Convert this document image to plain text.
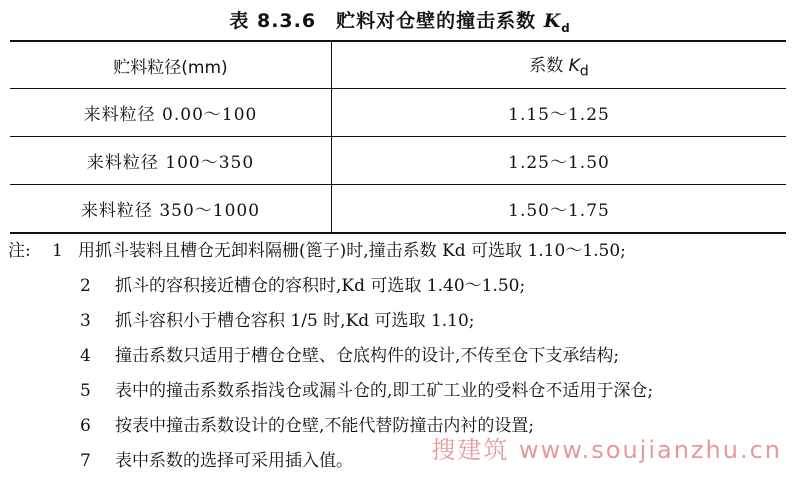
表 8.3.6　贮料对仓壁的撞击系数 $K_d$
贮料粒径(mm)	系数 $K_d$
来料粒径 0.00～100	1.15～1.25
来料粒径 100～350	1.25～1.50
来料粒径 350～1000	1.50～1.75
注: 1 用抓斗装料且槽仓无卸料隔栅(篦子)时,撞击系数 Kd 可选取 1.10～1.50;
2 抓斗的容积接近槽仓的容积时,Kd 可选取 1.40～1.50;
3 抓斗容积小于槽仓容积 1/5 时,Kd 可选取 1.10;
4 撞击系数只适用于槽仓仓壁、仓底构件的设计,不传至仓下支承结构;
5 表中的撞击系数系指浅仓或漏斗仓的,即工矿工业的受料仓不适用于深仓;
6 按表中撞击系数设计的仓壁,不能代替防撞击内衬的设置;
7 表中系数的选择可采用插入值。	搜建筑 www.soujianzhu.cn
